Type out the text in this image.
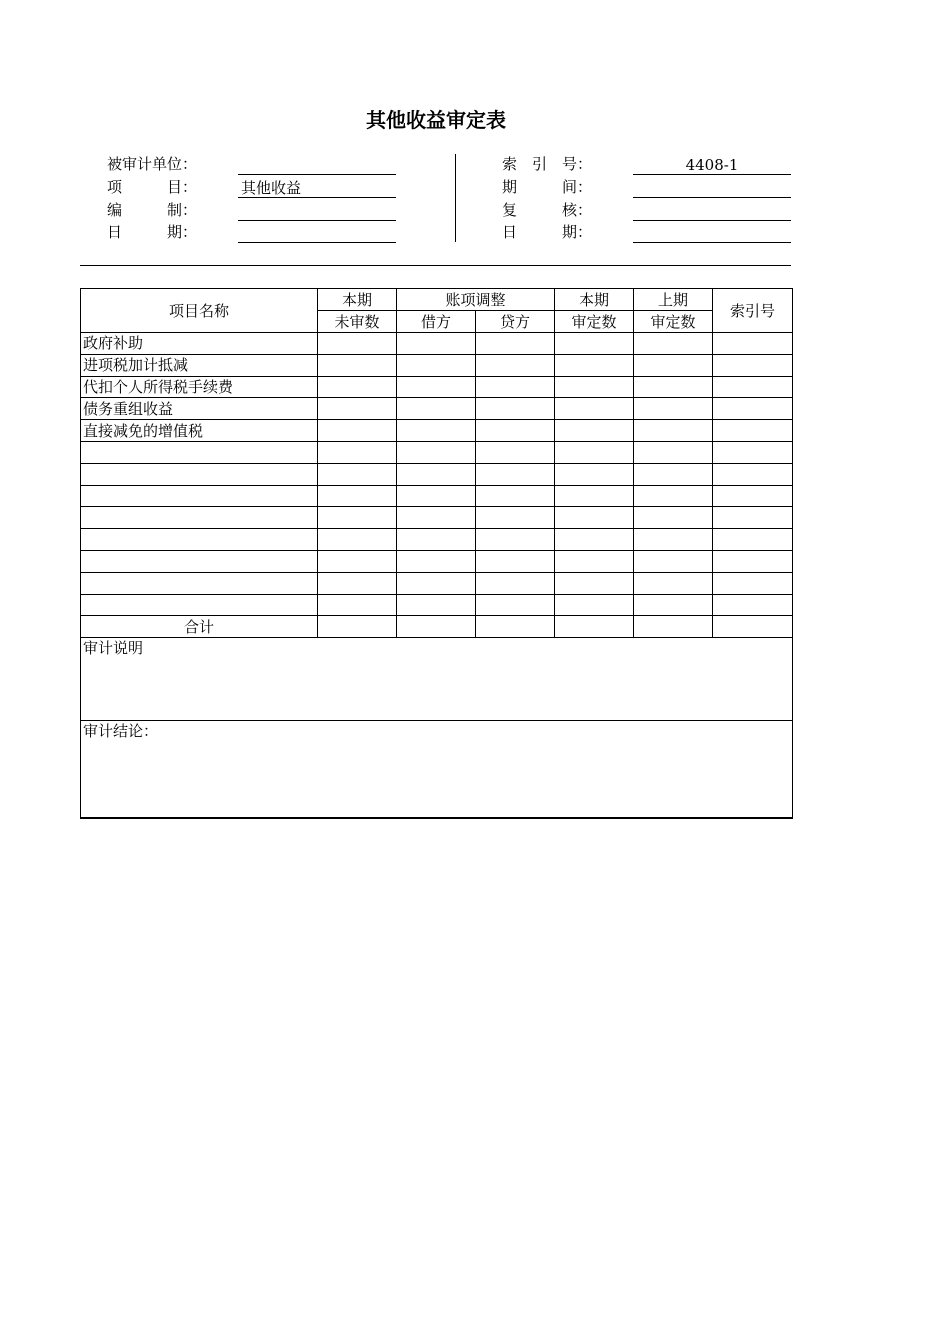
其他收益审定表
被审计单位：
项　　　目：	其他收益
编　　　制：
日　　　期：
索　引　号：	4408-1
期　　　间：
复　　　核：
日　　　期：
项目名称	本期	账项调整		本期	上期	索引号
	未审数	借方	贷方	审定数	审定数	
政府补助						
进项税加计抵减						
代扣个人所得税手续费						
债务重组收益						
直接减免的增值税						

合计						
审计说明						
审计结论：						
